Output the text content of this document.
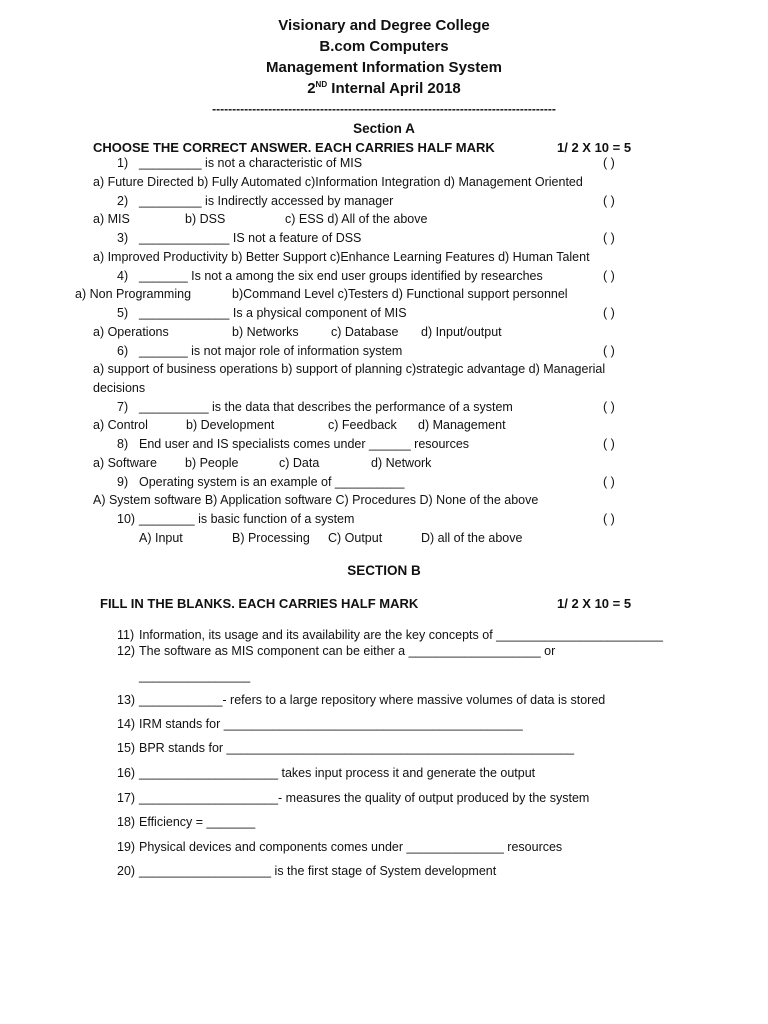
Visionary and Degree College
B.com Computers
Management Information System
2ND Internal April 2018
--------------------------------------------------------------------------------------
Section A
CHOOSE THE CORRECT ANSWER. EACH CARRIES HALF MARK	1/ 2 X 10 = 5
1) _________ is not a characteristic of MIS	( )
a) Future Directed b) Fully Automated c)Information Integration d) Management Oriented
2) _________ is Indirectly accessed by manager	( )
a) MIS	b) DSS	c) ESS d) All of the above
3) _____________ IS not a feature of DSS	( )
a) Improved Productivity b) Better Support c)Enhance Learning Features d) Human Talent
4) _______ Is not a among the six end user groups identified by researches	( )
a) Non Programming	b)Command Level c)Testers d) Functional support personnel
5) _____________ Is a physical component of MIS	( )
a) Operations	b) Networks	c) Database d) Input/output
6) _______ is not major role of information system	( )
a) support of business operations b) support of planning c)strategic advantage d) Managerial
decisions
7) __________ is the data that describes the performance of a system	( )
a) Control	b) Development	c) Feedback d) Management
8) End user and IS specialists comes under ______ resources	( )
a) Software b) People	c) Data	d) Network
9) Operating system is an example of __________	( )
A) System software B) Application software C) Procedures D) None of the above
10) ________ is basic function of a system	( )
A) Input	B) Processing C) Output	D) all of the above
SECTION B
FILL IN THE BLANKS. EACH CARRIES HALF MARK	1/ 2 X 10 = 5
11) Information, its usage and its availability are the key concepts of ________________________
12) The software as MIS component can be either a ___________________ or
________________
13) ____________- refers to a large repository where massive volumes of data is stored
14) IRM stands for ___________________________________________
15) BPR stands for __________________________________________________
16) ____________________ takes input process it and generate the output
17) ____________________- measures the quality of output produced by the system
18) Efficiency = _______
19) Physical devices and components comes under ______________ resources
20) ___________________ is the first stage of System development
